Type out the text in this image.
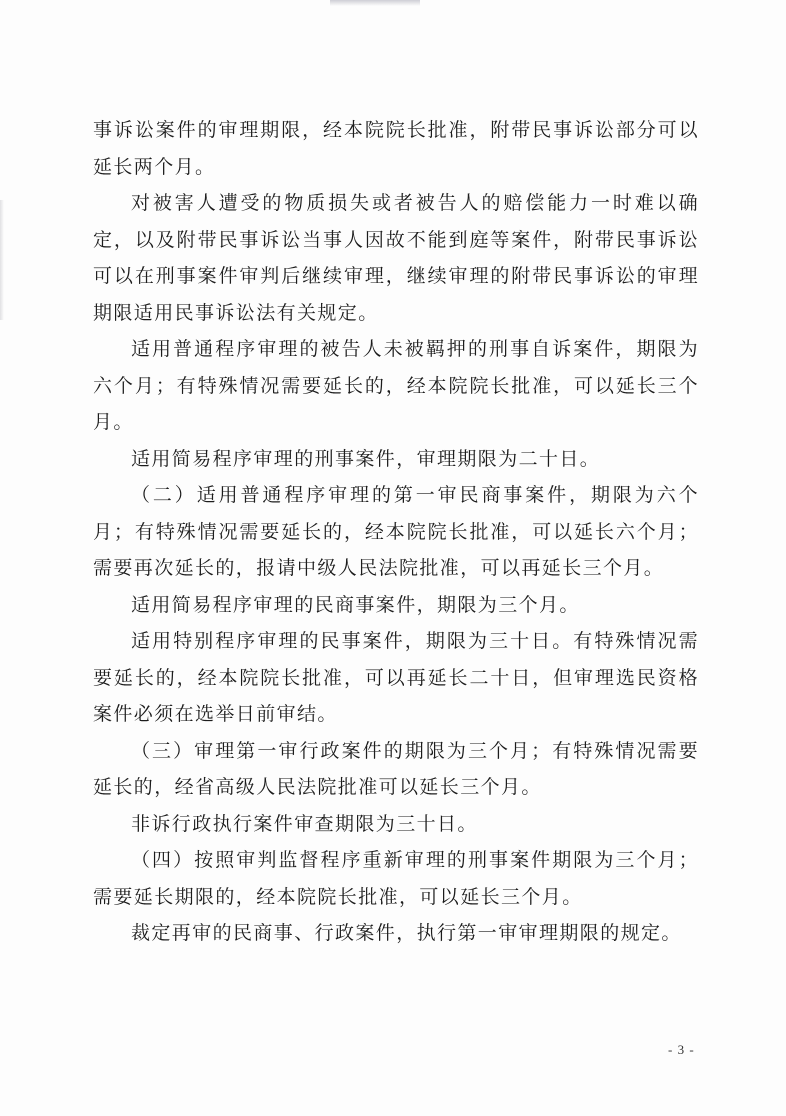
事诉讼案件的审理期限，经本院院长批准，附带民事诉讼部分可以延长两个月。

对被害人遭受的物质损失或者被告人的赔偿能力一时难以确定，以及附带民事诉讼当事人因故不能到庭等案件，附带民事诉讼可以在刑事案件审判后继续审理，继续审理的附带民事诉讼的审理期限适用民事诉讼法有关规定。

适用普通程序审理的被告人未被羁押的刑事自诉案件，期限为六个月；有特殊情况需要延长的，经本院院长批准，可以延长三个月。

适用简易程序审理的刑事案件，审理期限为二十日。

（二）适用普通程序审理的第一审民商事案件，期限为六个月；有特殊情况需要延长的，经本院院长批准，可以延长六个月；需要再次延长的，报请中级人民法院批准，可以再延长三个月。

适用简易程序审理的民商事案件，期限为三个月。

适用特别程序审理的民事案件，期限为三十日。有特殊情况需要延长的，经本院院长批准，可以再延长二十日，但审理选民资格案件必须在选举日前审结。

（三）审理第一审行政案件的期限为三个月；有特殊情况需要延长的，经省高级人民法院批准可以延长三个月。

非诉行政执行案件审查期限为三十日。

（四）按照审判监督程序重新审理的刑事案件期限为三个月；需要延长期限的，经本院院长批准，可以延长三个月。

裁定再审的民商事、行政案件，执行第一审审理期限的规定。

- 3 -
